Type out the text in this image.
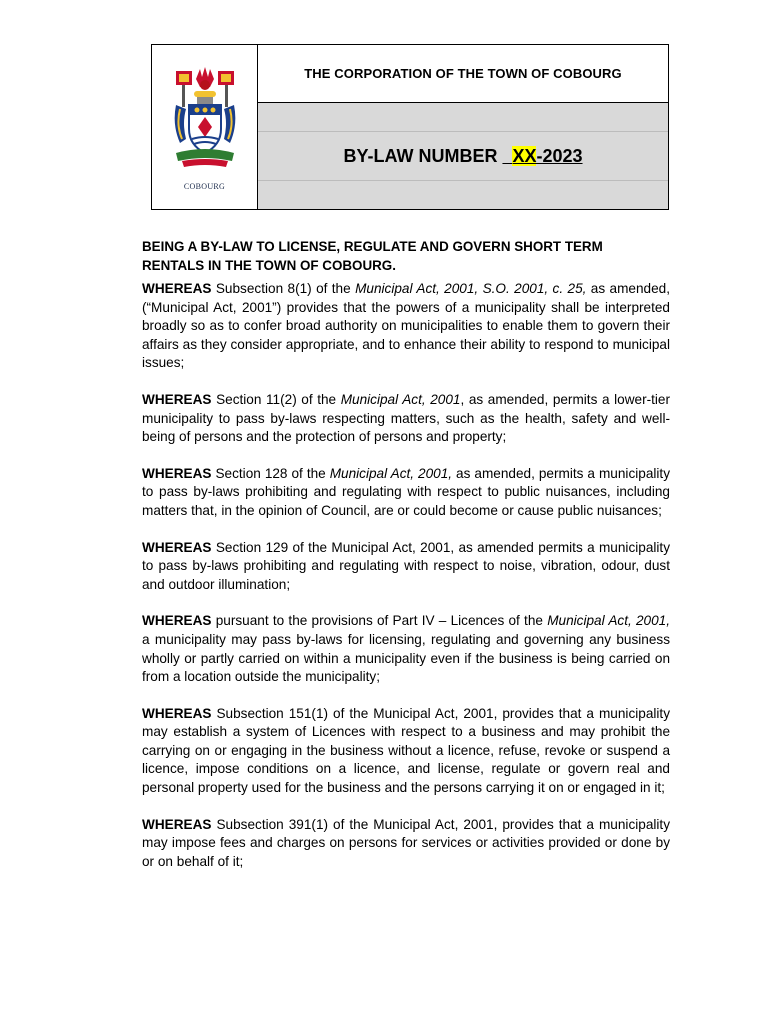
COBOURG
THE CORPORATION OF THE TOWN OF COBOURG
BY-LAW NUMBER   XX-2023
BEING A BY-LAW TO LICENSE, REGULATE AND GOVERN SHORT TERM
RENTALS IN THE TOWN OF COBOURG.

WHEREAS Subsection 8(1) of the Municipal Act, 2001, S.O. 2001, c. 25, as amended, (“Municipal Act, 2001”) provides that the powers of a municipality shall be interpreted broadly so as to confer broad authority on municipalities to enable them to govern their affairs as they consider appropriate, and to enhance their ability to respond to municipal issues;

WHEREAS Section 11(2) of the Municipal Act, 2001, as amended, permits a lower-tier municipality to pass by-laws respecting matters, such as the health, safety and well-being of persons and the protection of persons and property;

WHEREAS Section 128 of the Municipal Act, 2001, as amended, permits a municipality to pass by-laws prohibiting and regulating with respect to public nuisances, including matters that, in the opinion of Council, are or could become or cause public nuisances;

WHEREAS Section 129 of the Municipal Act, 2001, as amended permits a municipality to pass by-laws prohibiting and regulating with respect to noise, vibration, odour, dust and outdoor illumination;

WHEREAS pursuant to the provisions of Part IV – Licences of the Municipal Act, 2001, a municipality may pass by-laws for licensing, regulating and governing any business wholly or partly carried on within a municipality even if the business is being carried on from a location outside the municipality;

WHEREAS Subsection 151(1) of the Municipal Act, 2001, provides that a municipality may establish a system of Licences with respect to a business and may prohibit the carrying on or engaging in the business without a licence, refuse, revoke or suspend a licence, impose conditions on a licence, and license, regulate or govern real and personal property used for the business and the persons carrying it on or engaged in it;

WHEREAS Subsection 391(1) of the Municipal Act, 2001, provides that a municipality may impose fees and charges on persons for services or activities provided or done by or on behalf of it;
